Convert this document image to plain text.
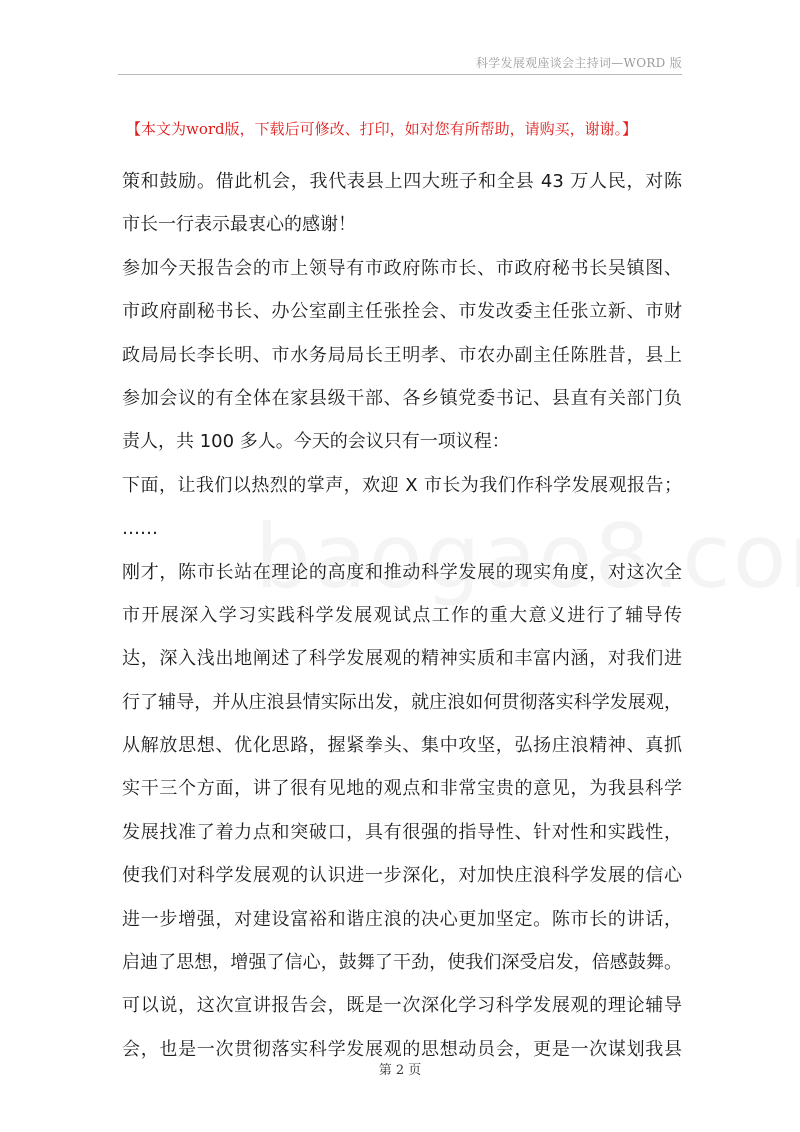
科学发展观座谈会主持词—WORD 版
【本文为word版，下载后可修改、打印，如对您有所帮助，请购买，谢谢。】
策和鼓励。借此机会，我代表县上四大班子和全县 43 万人民，对陈
市长一行表示最衷心的感谢！
参加今天报告会的市上领导有市政府陈市长、市政府秘书长吴镇图、
市政府副秘书长、办公室副主任张拴会、市发改委主任张立新、市财
政局局长李长明、市水务局局长王明孝、市农办副主任陈胜昔，县上
参加会议的有全体在家县级干部、各乡镇党委书记、县直有关部门负
责人，共 100 多人。今天的会议只有一项议程：
下面，让我们以热烈的掌声，欢迎 X 市长为我们作科学发展观报告；
……
刚才，陈市长站在理论的高度和推动科学发展的现实角度，对这次全
市开展深入学习实践科学发展观试点工作的重大意义进行了辅导传
达，深入浅出地阐述了科学发展观的精神实质和丰富内涵，对我们进
行了辅导，并从庄浪县情实际出发，就庄浪如何贯彻落实科学发展观，
从解放思想、优化思路，握紧拳头、集中攻坚，弘扬庄浪精神、真抓
实干三个方面，讲了很有见地的观点和非常宝贵的意见，为我县科学
发展找准了着力点和突破口，具有很强的指导性、针对性和实践性，
使我们对科学发展观的认识进一步深化，对加快庄浪科学发展的信心
进一步增强，对建设富裕和谐庄浪的决心更加坚定。陈市长的讲话，
启迪了思想，增强了信心，鼓舞了干劲，使我们深受启发，倍感鼓舞。
可以说，这次宣讲报告会，既是一次深化学习科学发展观的理论辅导
会，也是一次贯彻落实科学发展观的思想动员会，更是一次谋划我县
第 2 页
